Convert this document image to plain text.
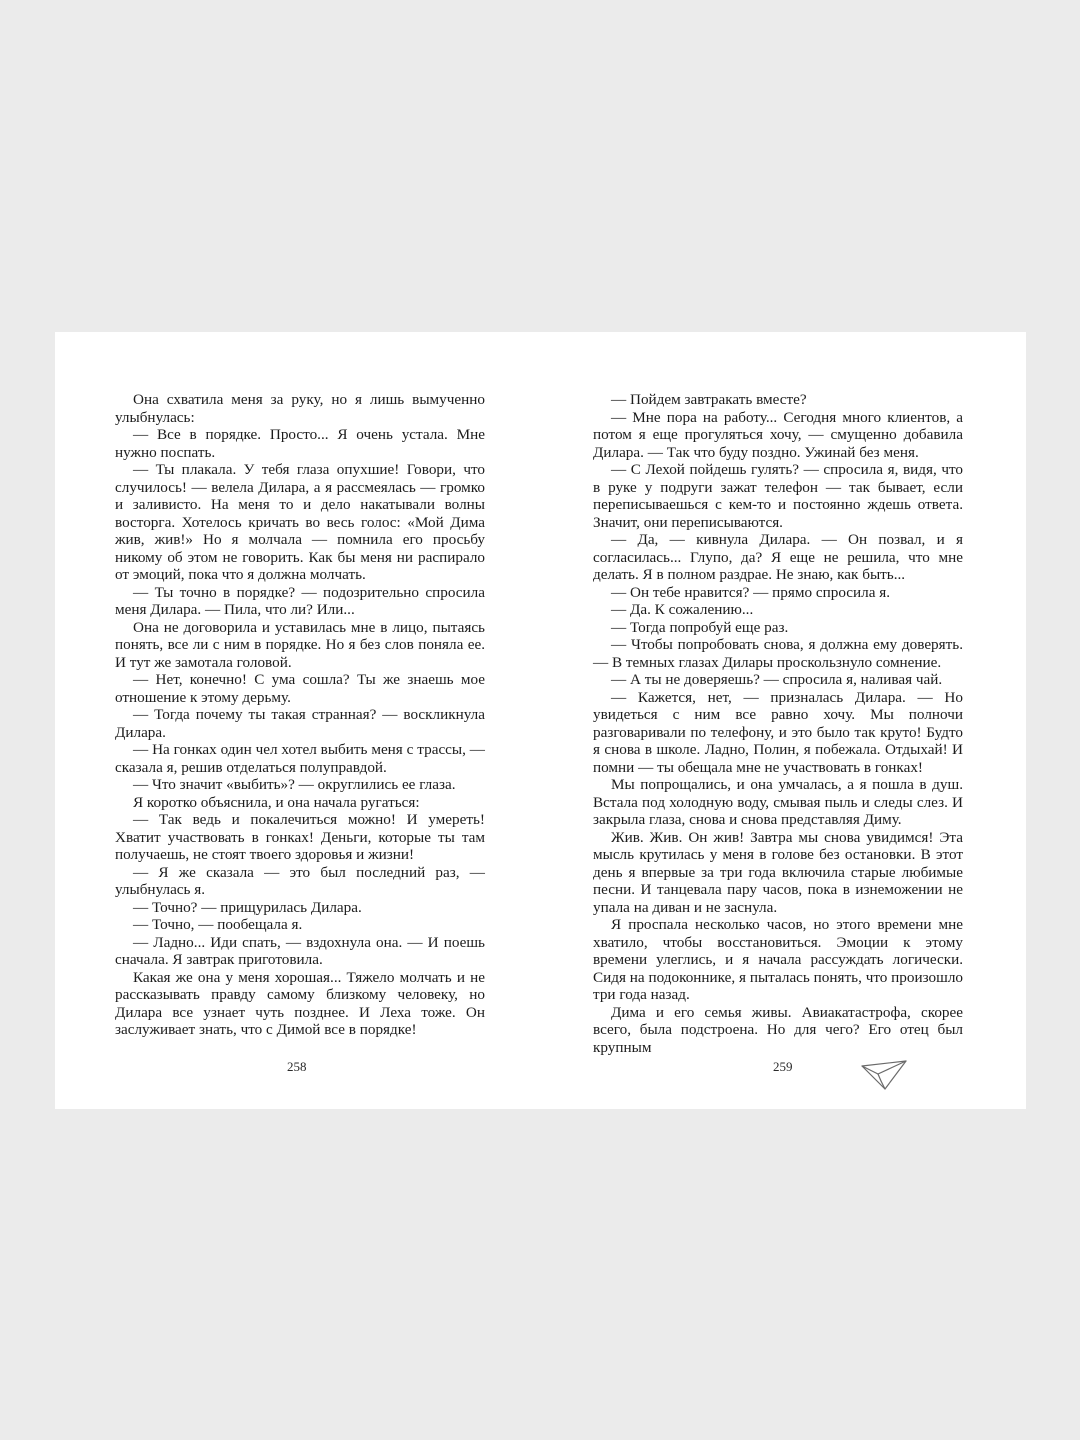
Она схватила меня за руку, но я лишь вымученно улыбнулась:

— Все в порядке. Просто... Я очень устала. Мне нужно поспать.

— Ты плакала. У тебя глаза опухшие! Говори, что случилось! — велела Дилара, а я рассмеялась — громко и заливисто. На меня то и дело накатывали волны восторга. Хотелось кричать во весь голос: «Мой Дима жив, жив!» Но я молчала — помнила его просьбу никому об этом не говорить. Как бы меня ни распирало от эмоций, пока что я должна молчать.

— Ты точно в порядке? — подозрительно спросила меня Дилара. — Пила, что ли? Или...

Она не договорила и уставилась мне в лицо, пытаясь понять, все ли с ним в порядке. Но я без слов поняла ее. И тут же замотала головой.

— Нет, конечно! С ума сошла? Ты же знаешь мое отношение к этому дерьму.

— Тогда почему ты такая странная? — воскликнула Дилара.

— На гонках один чел хотел выбить меня с трассы, — сказала я, решив отделаться полуправдой.

— Что значит «выбить»? — округлились ее глаза.

Я коротко объяснила, и она начала ругаться:

— Так ведь и покалечиться можно! И умереть! Хватит участвовать в гонках! Деньги, которые ты там получаешь, не стоят твоего здоровья и жизни!

— Я же сказала — это был последний раз, — улыбнулась я.

— Точно? — прищурилась Дилара.

— Точно, — пообещала я.

— Ладно... Иди спать, — вздохнула она. — И поешь сначала. Я завтрак приготовила.

Какая же она у меня хорошая... Тяжело молчать и не рассказывать правду самому близкому человеку, но Дилара все узнает чуть позднее. И Леха тоже. Он заслуживает знать, что с Димой все в порядке!

258

— Пойдем завтракать вместе?

— Мне пора на работу... Сегодня много клиентов, а потом я еще прогуляться хочу, — смущенно добавила Дилара. — Так что буду поздно. Ужинай без меня.

— С Лехой пойдешь гулять? — спросила я, видя, что в руке у подруги зажат телефон — так бывает, если переписываешься с кем-то и постоянно ждешь ответа. Значит, они переписываются.

— Да, — кивнула Дилара. — Он позвал, и я согласилась... Глупо, да? Я еще не решила, что мне делать. Я в полном раздрае. Не знаю, как быть...

— Он тебе нравится? — прямо спросила я.

— Да. К сожалению...

— Тогда попробуй еще раз.

— Чтобы попробовать снова, я должна ему доверять. — В темных глазах Дилары проскользнуло сомнение.

— А ты не доверяешь? — спросила я, наливая чай.

— Кажется, нет, — призналась Дилара. — Но увидеться с ним все равно хочу. Мы полночи разговаривали по телефону, и это было так круто! Будто я снова в школе. Ладно, Полин, я побежала. Отдыхай! И помни — ты обещала мне не участвовать в гонках!

Мы попрощались, и она умчалась, а я пошла в душ. Встала под холодную воду, смывая пыль и следы слез. И закрыла глаза, снова и снова представляя Диму.

Жив. Жив. Он жив! Завтра мы снова увидимся! Эта мысль крутилась у меня в голове без остановки. В этот день я впервые за три года включила старые любимые песни. И танцевала пару часов, пока в изнеможении не упала на диван и не заснула.

Я проспала несколько часов, но этого времени мне хватило, чтобы восстановиться. Эмоции к этому времени улеглись, и я начала рассуждать логически. Сидя на подоконнике, я пыталась понять, что произошло три года назад.

Дима и его семья живы. Авиакатастрофа, скорее всего, была подстроена. Но для чего? Его отец был крупным

259
